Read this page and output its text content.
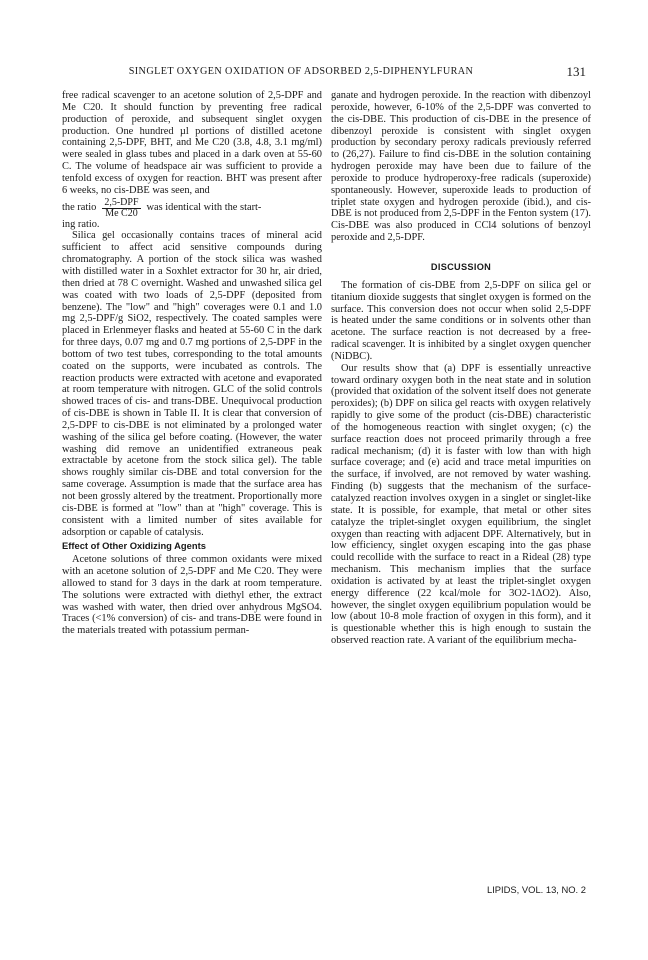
SINGLET OXYGEN OXIDATION OF ADSORBED 2,5-DIPHENYLFURAN	131

free radical scavenger to an acetone solution of 2,5-DPF and Me C20. It should function by preventing free radical production of peroxide, and subsequent singlet oxygen production. One hundred µl portions of distilled acetone containing 2,5-DPF, BHT, and Me C20 (3.8, 4.8, 3.1 mg/ml) were sealed in glass tubes and placed in a dark oven at 55-60 C. The volume of headspace air was sufficient to provide a tenfold excess of oxygen for reaction. BHT was present after 6 weeks, no cis-DBE was seen, and

the ratio $\frac{\text{2,5-DPF}}{\text{Me C20}}$ was identical with the start-

ing ratio.

Silica gel occasionally contains traces of mineral acid sufficient to affect acid sensitive compounds during chromatography. A portion of the stock silica was washed with distilled water in a Soxhlet extractor for 30 hr, air dried, then dried at 78 C overnight. Washed and unwashed silica gel was coated with two loads of 2,5-DPF (deposited from benzene). The "low" and "high" coverages were 0.1 and 1.0 mg 2,5-DPF/g SiO2, respectively. The coated samples were placed in Erlenmeyer flasks and heated at 55-60 C in the dark for three days, 0.07 mg and 0.7 mg portions of 2,5-DPF in the bottom of two test tubes, corresponding to the total amounts coated on the supports, were incubated as controls. The reaction products were extracted with acetone and evaporated at room temperature with nitrogen. GLC of the solid controls showed traces of cis- and trans-DBE. Unequivocal production of cis-DBE is shown in Table II. It is clear that conversion of 2,5-DPF to cis-DBE is not eliminated by a prolonged water washing of the silica gel before coating. (However, the water washing did remove an unidentified extraneous peak extractable by acetone from the stock silica gel). The table shows roughly similar cis-DBE and total conversion for the same coverage. Assumption is made that the surface area has not been grossly altered by the treatment. Proportionally more cis-DBE is formed at "low" than at "high" coverage. This is consistent with a limited number of sites available for adsorption or capable of catalysis.

Effect of Other Oxidizing Agents

Acetone solutions of three common oxidants were mixed with an acetone solution of 2,5-DPF and Me C20. They were allowed to stand for 3 days in the dark at room temperature. The solutions were extracted with diethyl ether, the extract was washed with water, then dried over anhydrous MgSO4. Traces (<1% conversion) of cis- and trans-DBE were found in the materials treated with potassium perman-

ganate and hydrogen peroxide. In the reaction with dibenzoyl peroxide, however, 6-10% of the 2,5-DPF was converted to the cis-DBE. This production of cis-DBE in the presence of dibenzoyl peroxide is consistent with singlet oxygen production by secondary peroxy radicals previously referred to (26,27). Failure to find cis-DBE in the solution containing hydrogen peroxide may have been due to failure of the peroxide to produce hydroperoxy-free radicals (superoxide) spontaneously. However, superoxide leads to production of triplet state oxygen and hydrogen peroxide (ibid.), and cis-DBE is not produced from 2,5-DPF in the Fenton system (17). Cis-DBE was also produced in CCl4 solutions of benzoyl peroxide and 2,5-DPF.

DISCUSSION

The formation of cis-DBE from 2,5-DPF on silica gel or titanium dioxide suggests that singlet oxygen is formed on the surface. This conversion does not occur when solid 2,5-DPF is heated under the same conditions or in solvents other than acetone. The surface reaction is not decreased by a free-radical scavenger. It is inhibited by a singlet oxygen quencher (NiDBC).

Our results show that (a) DPF is essentially unreactive toward ordinary oxygen both in the neat state and in solution (provided that oxidation of the solvent itself does not generate peroxides); (b) DPF on silica gel reacts with oxygen relatively rapidly to give some of the product (cis-DBE) characteristic of the homogeneous reaction with singlet oxygen; (c) the surface reaction does not proceed primarily through a free radical mechanism; (d) it is faster with low than with high surface coverage; and (e) acid and trace metal impurities on the surface, if involved, are not removed by water washing. Finding (b) suggests that the mechanism of the surface-catalyzed reaction involves oxygen in a singlet or singlet-like state. It is possible, for example, that metal or other sites catalyze the triplet-singlet oxygen equilibrium, the singlet oxygen than reacting with adjacent DPF. Alternatively, but in low efficiency, singlet oxygen escaping into the gas phase could recollide with the surface to react in a Rideal (28) type mechanism. This mechanism implies that the surface oxidation is activated by at least the triplet-singlet oxygen energy difference (22 kcal/mole for 3O2-1ΔO2). Also, however, the singlet oxygen equilibrium population would be low (about 10-8 mole fraction of oxygen in this form), and it is questionable whether this is high enough to sustain the observed reaction rate. A variant of the equilibrium mecha-

LIPIDS, VOL. 13, NO. 2
